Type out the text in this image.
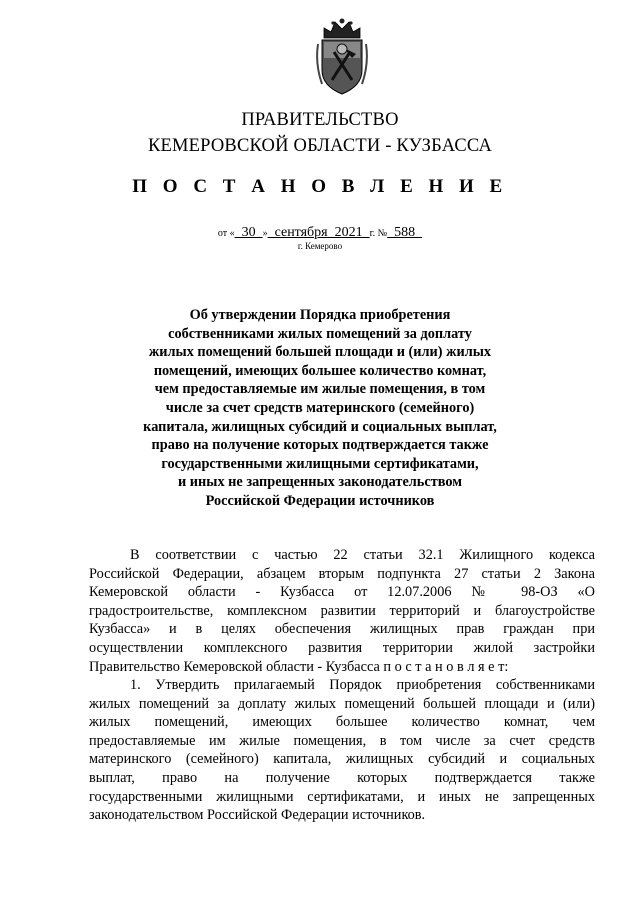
ПРАВИТЕЛЬСТВО
КЕМЕРОВСКОЙ ОБЛАСТИ - КУЗБАССА
П О С Т А Н О В Л Е Н И Е
от «  30  »  сентября  2021  г. №  588
г. Кемерово
Об утверждении Порядка приобретения
собственниками жилых помещений за доплату
жилых помещений большей площади и (или) жилых
помещений, имеющих большее количество комнат,
чем предоставляемые им жилые помещения, в том
числе за счет средств материнского (семейного)
капитала, жилищных субсидий и социальных выплат,
право на получение которых подтверждается также
государственными жилищными сертификатами,
и иных не запрещенных законодательством
Российской Федерации источников
В соответствии с частью 22 статьи 32.1 Жилищного кодекса
Российской Федерации, абзацем вторым подпункта 27 статьи 2 Закона
Кемеровской области - Кузбасса от 12.07.2006 № 98-ОЗ «О
градостроительстве, комплексном развитии территорий и благоустройстве
Кузбасса» и в целях обеспечения жилищных прав граждан при
осуществлении комплексного развития территории жилой застройки
Правительство Кемеровской области - Кузбасса п о с т а н о в л я е т:
1. Утвердить прилагаемый Порядок приобретения собственниками
жилых помещений за доплату жилых помещений большей площади и (или)
жилых помещений, имеющих большее количество комнат, чем
предоставляемые им жилые помещения, в том числе за счет средств
материнского (семейного) капитала, жилищных субсидий и социальных
выплат, право на получение которых подтверждается также
государственными жилищными сертификатами, и иных не запрещенных
законодательством Российской Федерации источников.
